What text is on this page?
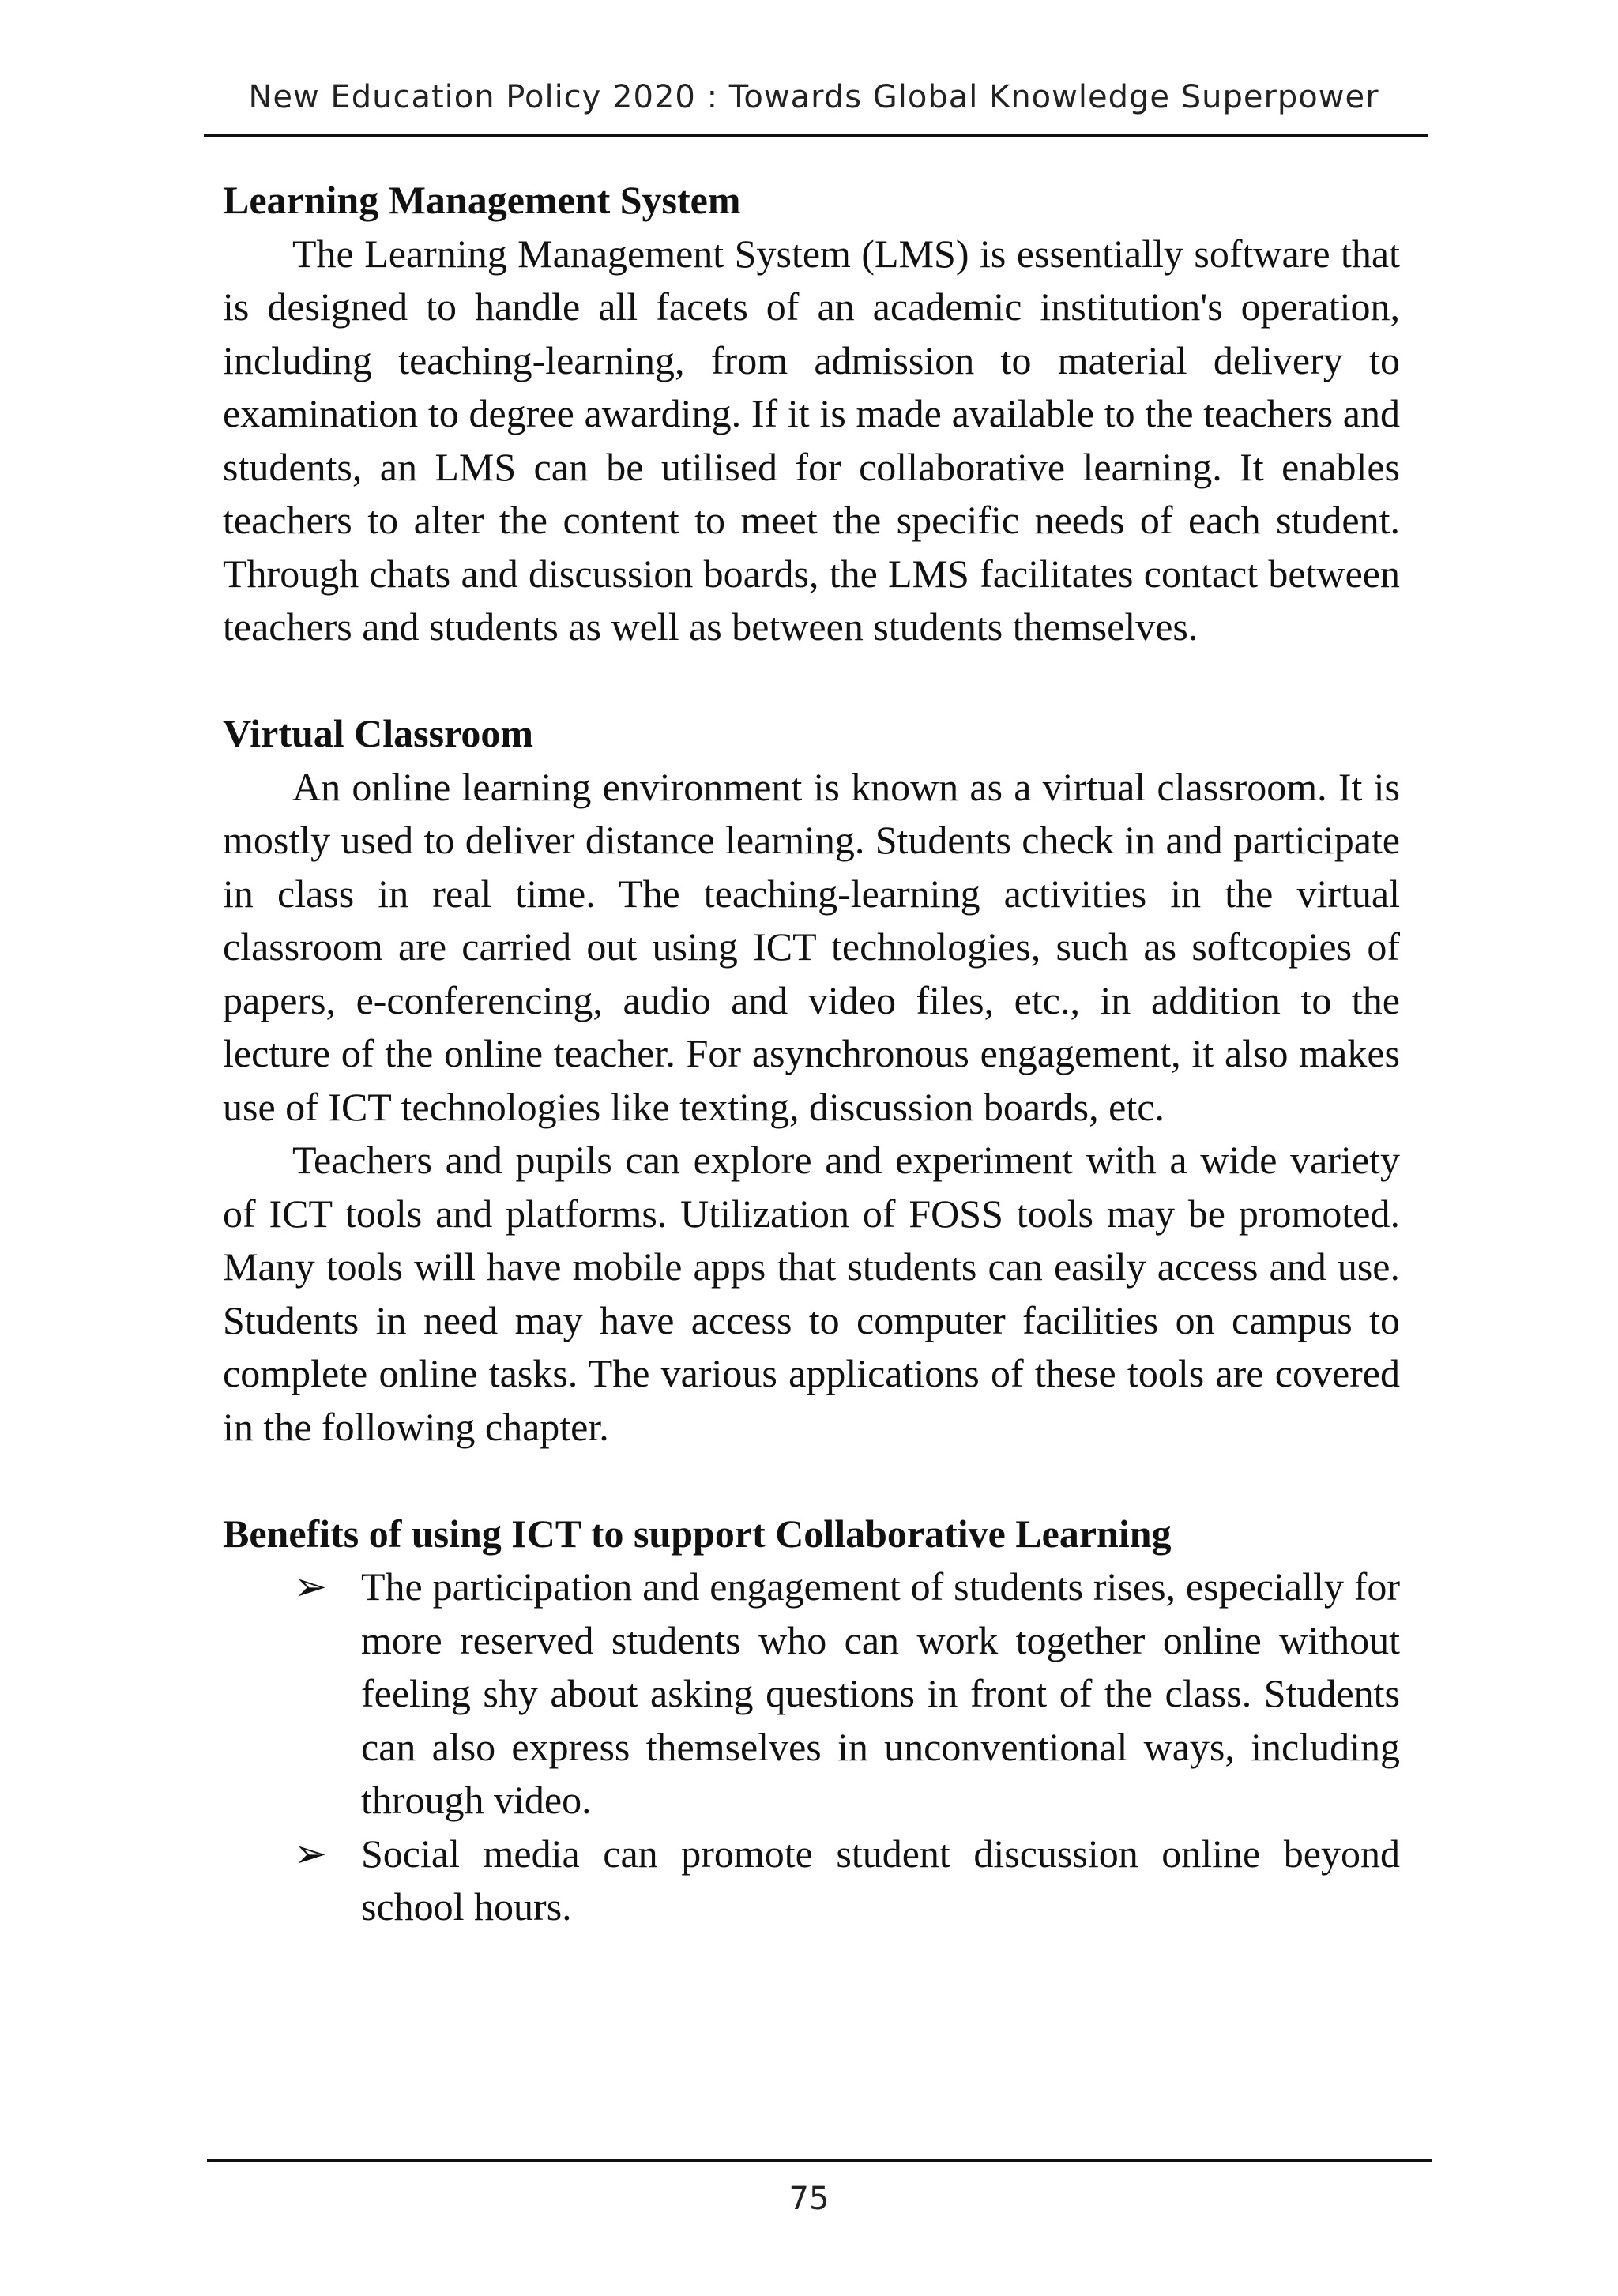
New Education Policy 2020 : Towards Global Knowledge Superpower
Learning Management System

The Learning Management System (LMS) is essentially software that is designed to handle all facets of an academic institution's operation, including teaching-learning, from admission to material delivery to examination to degree awarding. If it is made available to the teachers and students, an LMS can be utilised for collaborative learning. It enables teachers to alter the content to meet the specific needs of each student. Through chats and discussion boards, the LMS facilitates contact between teachers and students as well as between students themselves.

Virtual Classroom

An online learning environment is known as a virtual classroom. It is mostly used to deliver distance learning. Students check in and participate in class in real time. The teaching-learning activities in the virtual classroom are carried out using ICT technologies, such as softcopies of papers, e-conferencing, audio and video files, etc., in addition to the lecture of the online teacher. For asynchronous engagement, it also makes use of ICT technologies like texting, discussion boards, etc.

Teachers and pupils can explore and experiment with a wide variety of ICT tools and platforms. Utilization of FOSS tools may be promoted. Many tools will have mobile apps that students can easily access and use. Students in need may have access to computer facilities on campus to complete online tasks. The various applications of these tools are covered in the following chapter.

Benefits of using ICT to support Collaborative Learning
➢ The participation and engagement of students rises, especially for more reserved students who can work together online without feeling shy about asking questions in front of the class. Students can also express themselves in unconventional ways, including through video.
➢ Social media can promote student discussion online beyond school hours.
75
